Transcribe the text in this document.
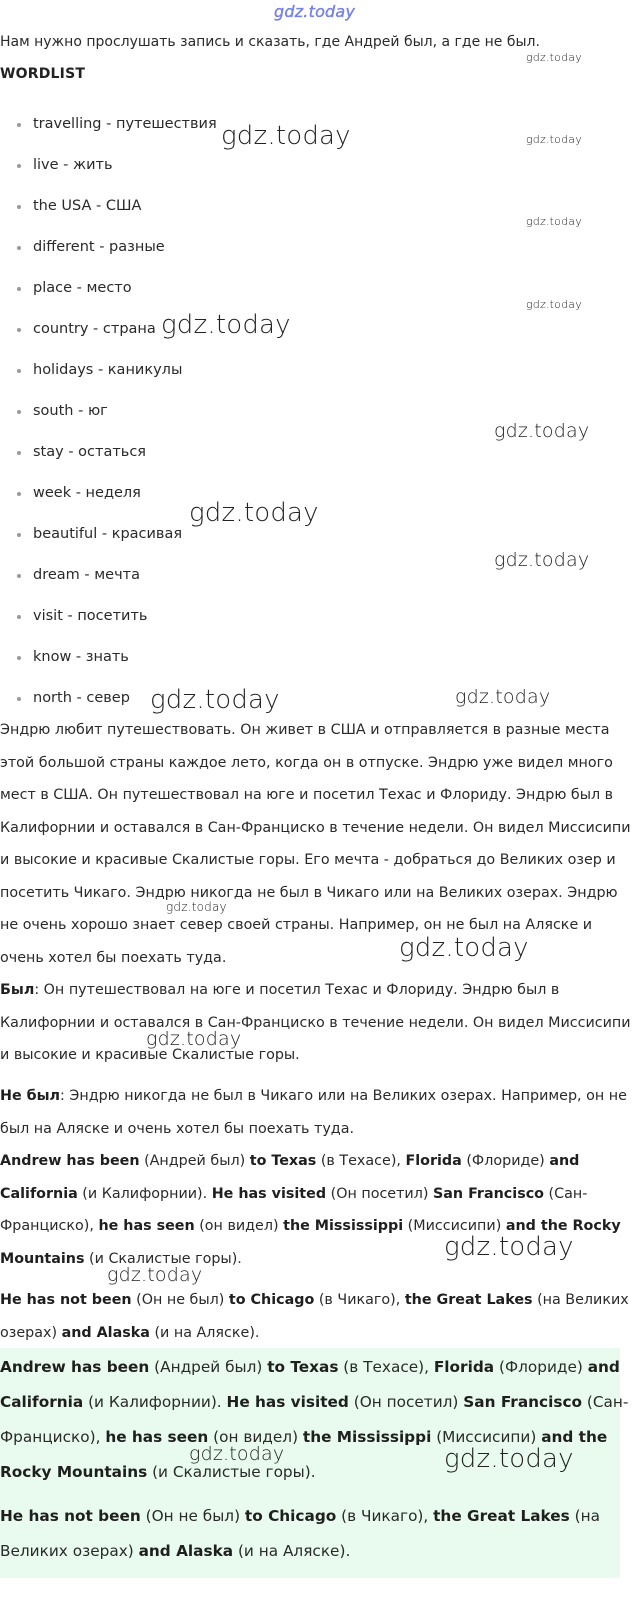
gdz.today
gdz.today
gdz.today	gdz.today
gdz.today
gdz.today
gdz.today
gdz.today
gdz.today
gdz.today
gdz.today	gdz.today
Нам нужно прослушать запись и сказать, где Андрей был, а где не был.
WORDLIST
travelling - путешествия
live - жить
the USA - США
different - разные
place - место
country - страна
holidays - каникулы
south - юг
stay - остаться
week - неделя
beautiful - красивая
dream - мечта
visit - посетить
know - знать
north - север
Эндрю любит путешествовать. Он живет в США и отправляется в разные места этой большой страны каждое лето, когда он в отпуске. Эндрю уже видел много мест в США. Он путешествовал на юге и посетил Техас и Флориду. Эндрю был в Калифорнии и оставался в Сан-Франциско в течение недели. Он видел Миссисипи и высокие и красивые Скалистые горы. Его мечта - добраться до Великих озер и посетить Чикаго. Эндрю никогда не был в Чикаго или на Великих озерах. Эндрю не очень хорошо знает север своей страны. Например, он не был на Аляске и очень хотел бы поехать туда.
Был: Он путешествовал на юге и посетил Техас и Флориду. Эндрю был в Калифорнии и оставался в Сан-Франциско в течение недели. Он видел Миссисипи и высокие и красивые Скалистые горы.
Не был: Эндрю никогда не был в Чикаго или на Великих озерах. Например, он не был на Аляске и очень хотел бы поехать туда.
Andrew has been (Андрей был) to Texas (в Техасе), Florida (Флориде) and California (и Калифорнии). He has visited (Он посетил) San Francisco (Сан-Франциско), he has seen (он видел) the Mississippi (Миссисипи) and the Rocky Mountains (и Скалистые горы).
He has not been (Он не был) to Chicago (в Чикаго), the Great Lakes (на Великих озерах) and Alaska (и на Аляске).
Andrew has been (Андрей был) to Texas (в Техасе), Florida (Флориде) and California (и Калифорнии). He has visited (Он посетил) San Francisco (Сан-Франциско), he has seen (он видел) the Mississippi (Миссисипи) and the Rocky Mountains (и Скалистые горы).
He has not been (Он не был) to Chicago (в Чикаго), the Great Lakes (на Великих озерах) and Alaska (и на Аляске).
gdz.today
gdz.today
gdz.today
gdz.today
gdz.today
gdz.today	gdz.today
